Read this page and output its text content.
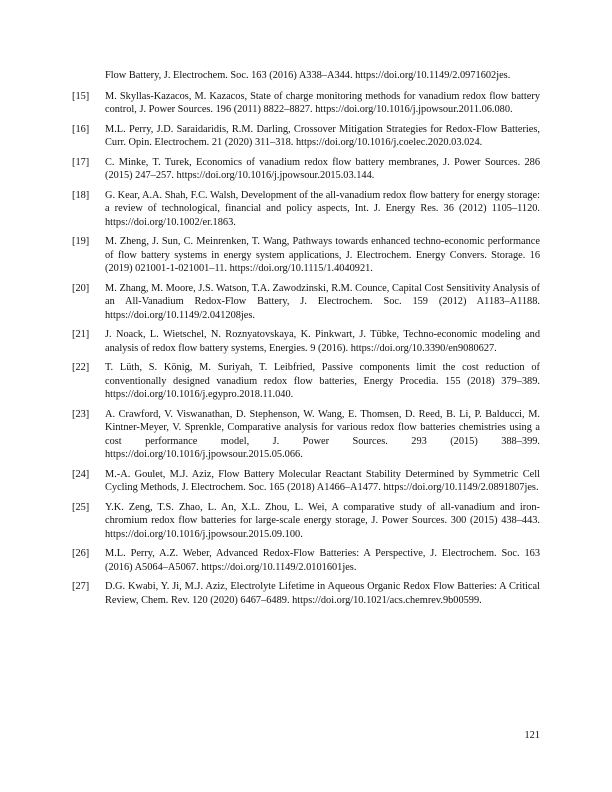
Flow Battery, J. Electrochem. Soc. 163 (2016) A338–A344. https://doi.org/10.1149/2.0971602jes.
[15]	M. Skyllas-Kazacos, M. Kazacos, State of charge monitoring methods for vanadium redox flow battery control, J. Power Sources. 196 (2011) 8822–8827. https://doi.org/10.1016/j.jpowsour.2011.06.080.
[16]	M.L. Perry, J.D. Saraidaridis, R.M. Darling, Crossover Mitigation Strategies for Redox-Flow Batteries, Curr. Opin. Electrochem. 21 (2020) 311–318. https://doi.org/10.1016/j.coelec.2020.03.024.
[17]	C. Minke, T. Turek, Economics of vanadium redox flow battery membranes, J. Power Sources. 286 (2015) 247–257. https://doi.org/10.1016/j.jpowsour.2015.03.144.
[18]	G. Kear, A.A. Shah, F.C. Walsh, Development of the all-vanadium redox flow battery for energy storage: a review of technological, financial and policy aspects, Int. J. Energy Res. 36 (2012) 1105–1120. https://doi.org/10.1002/er.1863.
[19]	M. Zheng, J. Sun, C. Meinrenken, T. Wang, Pathways towards enhanced techno-economic performance of flow battery systems in energy system applications, J. Electrochem. Energy Convers. Storage. 16 (2019) 021001-1-021001–11. https://doi.org/10.1115/1.4040921.
[20]	M. Zhang, M. Moore, J.S. Watson, T.A. Zawodzinski, R.M. Counce, Capital Cost Sensitivity Analysis of an All-Vanadium Redox-Flow Battery, J. Electrochem. Soc. 159 (2012) A1183–A1188. https://doi.org/10.1149/2.041208jes.
[21]	J. Noack, L. Wietschel, N. Roznyatovskaya, K. Pinkwart, J. Tübke, Techno-economic modeling and analysis of redox flow battery systems, Energies. 9 (2016). https://doi.org/10.3390/en9080627.
[22]	T. Lüth, S. König, M. Suriyah, T. Leibfried, Passive components limit the cost reduction of conventionally designed vanadium redox flow batteries, Energy Procedia. 155 (2018) 379–389. https://doi.org/10.1016/j.egypro.2018.11.040.
[23]	A. Crawford, V. Viswanathan, D. Stephenson, W. Wang, E. Thomsen, D. Reed, B. Li, P. Balducci, M. Kintner-Meyer, V. Sprenkle, Comparative analysis for various redox flow batteries chemistries using a cost performance model, J. Power Sources. 293 (2015) 388–399. https://doi.org/10.1016/j.jpowsour.2015.05.066.
[24]	M.-A. Goulet, M.J. Aziz, Flow Battery Molecular Reactant Stability Determined by Symmetric Cell Cycling Methods, J. Electrochem. Soc. 165 (2018) A1466–A1477. https://doi.org/10.1149/2.0891807jes.
[25]	Y.K. Zeng, T.S. Zhao, L. An, X.L. Zhou, L. Wei, A comparative study of all-vanadium and iron-chromium redox flow batteries for large-scale energy storage, J. Power Sources. 300 (2015) 438–443. https://doi.org/10.1016/j.jpowsour.2015.09.100.
[26]	M.L. Perry, A.Z. Weber, Advanced Redox-Flow Batteries: A Perspective, J. Electrochem. Soc. 163 (2016) A5064–A5067. https://doi.org/10.1149/2.0101601jes.
[27]	D.G. Kwabi, Y. Ji, M.J. Aziz, Electrolyte Lifetime in Aqueous Organic Redox Flow Batteries: A Critical Review, Chem. Rev. 120 (2020) 6467–6489. https://doi.org/10.1021/acs.chemrev.9b00599.
121
